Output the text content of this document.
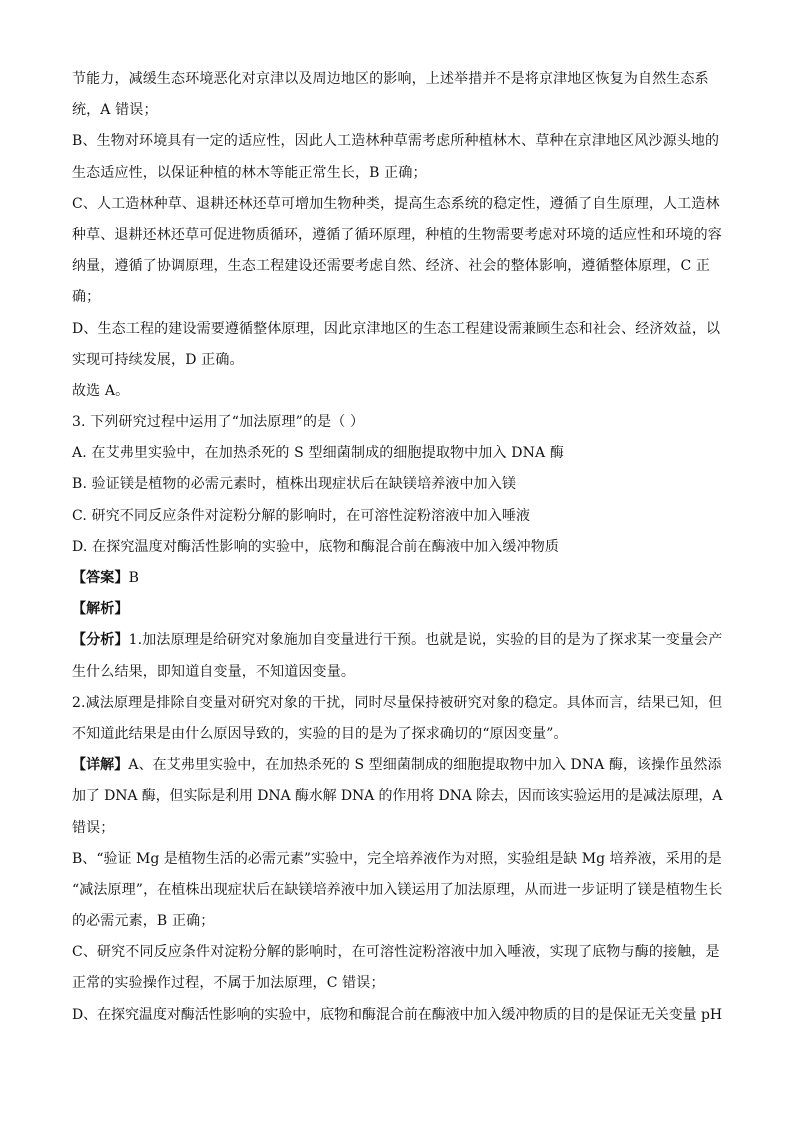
节能力，减缓生态环境恶化对京津以及周边地区的影响，上述举措并不是将京津地区恢复为自然生态系
统，A 错误；
B、生物对环境具有一定的适应性，因此人工造林种草需考虑所种植林木、草种在京津地区风沙源头地的
生态适应性，以保证种植的林木等能正常生长，B 正确；
C、人工造林种草、退耕还林还草可增加生物种类，提高生态系统的稳定性，遵循了自生原理，人工造林
种草、退耕还林还草可促进物质循环，遵循了循环原理，种植的生物需要考虑对环境的适应性和环境的容
纳量，遵循了协调原理，生态工程建设还需要考虑自然、经济、社会的整体影响，遵循整体原理，C 正
确；
D、生态工程的建设需要遵循整体原理，因此京津地区的生态工程建设需兼顾生态和社会、经济效益，以
实现可持续发展，D 正确。
故选 A。
3. 下列研究过程中运用了“加法原理”的是（ ）
A. 在艾弗里实验中，在加热杀死的 S 型细菌制成的细胞提取物中加入 DNA 酶
B. 验证镁是植物的必需元素时，植株出现症状后在缺镁培养液中加入镁
C. 研究不同反应条件对淀粉分解的影响时，在可溶性淀粉溶液中加入唾液
D. 在探究温度对酶活性影响的实验中，底物和酶混合前在酶液中加入缓冲物质
【答案】B
【解析】
【分析】1.加法原理是给研究对象施加自变量进行干预。也就是说，实验的目的是为了探求某一变量会产
生什么结果，即知道自变量，不知道因变量。
2.减法原理是排除自变量对研究对象的干扰，同时尽量保持被研究对象的稳定。具体而言，结果已知，但
不知道此结果是由什么原因导致的，实验的目的是为了探求确切的“原因变量”。
【详解】A、在艾弗里实验中，在加热杀死的 S 型细菌制成的细胞提取物中加入 DNA 酶，该操作虽然添
加了 DNA 酶，但实际是利用 DNA 酶水解 DNA 的作用将 DNA 除去，因而该实验运用的是减法原理，A
错误；
B、“验证 Mg 是植物生活的必需元素”实验中，完全培养液作为对照，实验组是缺 Mg 培养液，采用的是
“减法原理”，在植株出现症状后在缺镁培养液中加入镁运用了加法原理，从而进一步证明了镁是植物生长
的必需元素，B 正确；
C、研究不同反应条件对淀粉分解的影响时，在可溶性淀粉溶液中加入唾液，实现了底物与酶的接触，是
正常的实验操作过程，不属于加法原理，C 错误；
D、在探究温度对酶活性影响的实验中，底物和酶混合前在酶液中加入缓冲物质的目的是保证无关变量 pH
